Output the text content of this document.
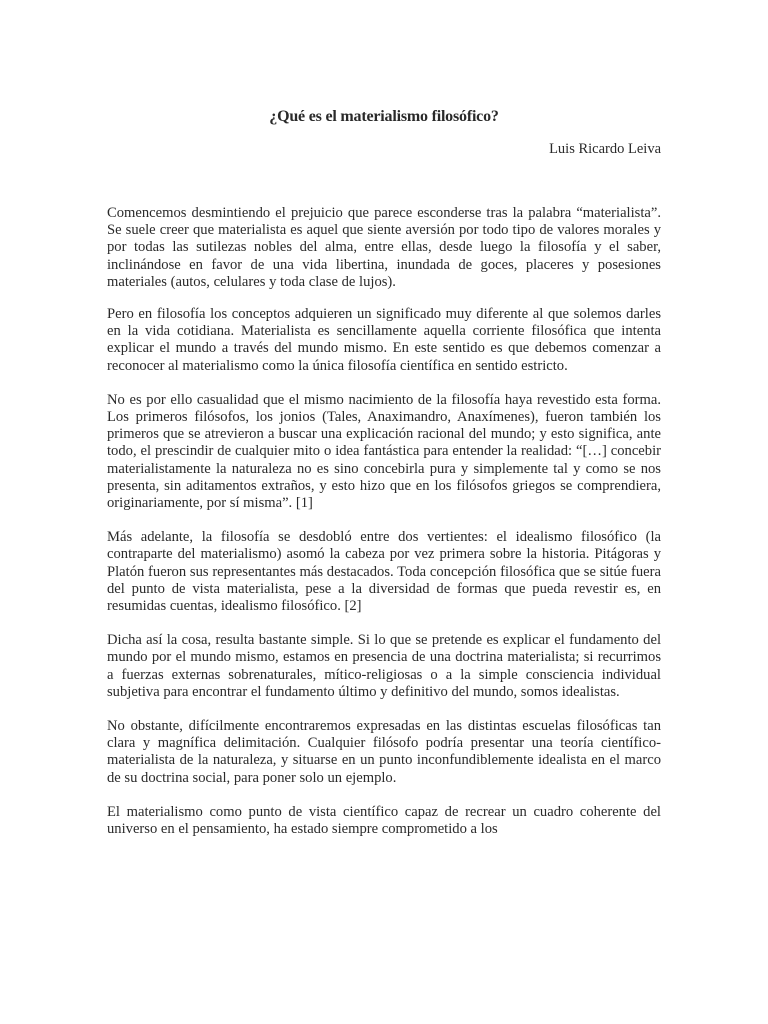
¿Qué es el materialismo filosófico?
Luis Ricardo Leiva

Comencemos desmintiendo el prejuicio que parece esconderse tras la palabra “materialista”. Se suele creer que materialista es aquel que siente aversión por todo tipo de valores morales y por todas las sutilezas nobles del alma, entre ellas, desde luego la filosofía y el saber, inclinándose en favor de una vida libertina, inundada de goces, placeres y posesiones materiales (autos, celulares y toda clase de lujos).

Pero en filosofía los conceptos adquieren un significado muy diferente al que solemos darles en la vida cotidiana. Materialista es sencillamente aquella corriente filosófica que intenta explicar el mundo a través del mundo mismo. En este sentido es que debemos comenzar a reconocer al materialismo como la única filosofía científica en sentido estricto.

No es por ello casualidad que el mismo nacimiento de la filosofía haya revestido esta forma. Los primeros filósofos, los jonios (Tales, Anaximandro, Anaxímenes), fueron también los primeros que se atrevieron a buscar una explicación racional del mundo; y esto significa, ante todo, el prescindir de cualquier mito o idea fantástica para entender la realidad: “[…] concebir materialistamente la naturaleza no es sino concebirla pura y simplemente tal y como se nos presenta, sin aditamentos extraños, y esto hizo que en los filósofos griegos se comprendiera, originariamente, por sí misma”. [1]

Más adelante, la filosofía se desdobló entre dos vertientes: el idealismo filosófico (la contraparte del materialismo) asomó la cabeza por vez primera sobre la historia. Pitágoras y Platón fueron sus representantes más destacados. Toda concepción filosófica que se sitúe fuera del punto de vista materialista, pese a la diversidad de formas que pueda revestir es, en resumidas cuentas, idealismo filosófico. [2]

Dicha así la cosa, resulta bastante simple. Si lo que se pretende es explicar el fundamento del mundo por el mundo mismo, estamos en presencia de una doctrina materialista; si recurrimos a fuerzas externas sobrenaturales, mítico-religiosas o a la simple consciencia individual subjetiva para encontrar el fundamento último y definitivo del mundo, somos idealistas.

No obstante, difícilmente encontraremos expresadas en las distintas escuelas filosóficas tan clara y magnífica delimitación. Cualquier filósofo podría presentar una teoría científico-materialista de la naturaleza, y situarse en un punto inconfundiblemente idealista en el marco de su doctrina social, para poner solo un ejemplo.

El materialismo como punto de vista científico capaz de recrear un cuadro coherente del universo en el pensamiento, ha estado siempre comprometido a los
